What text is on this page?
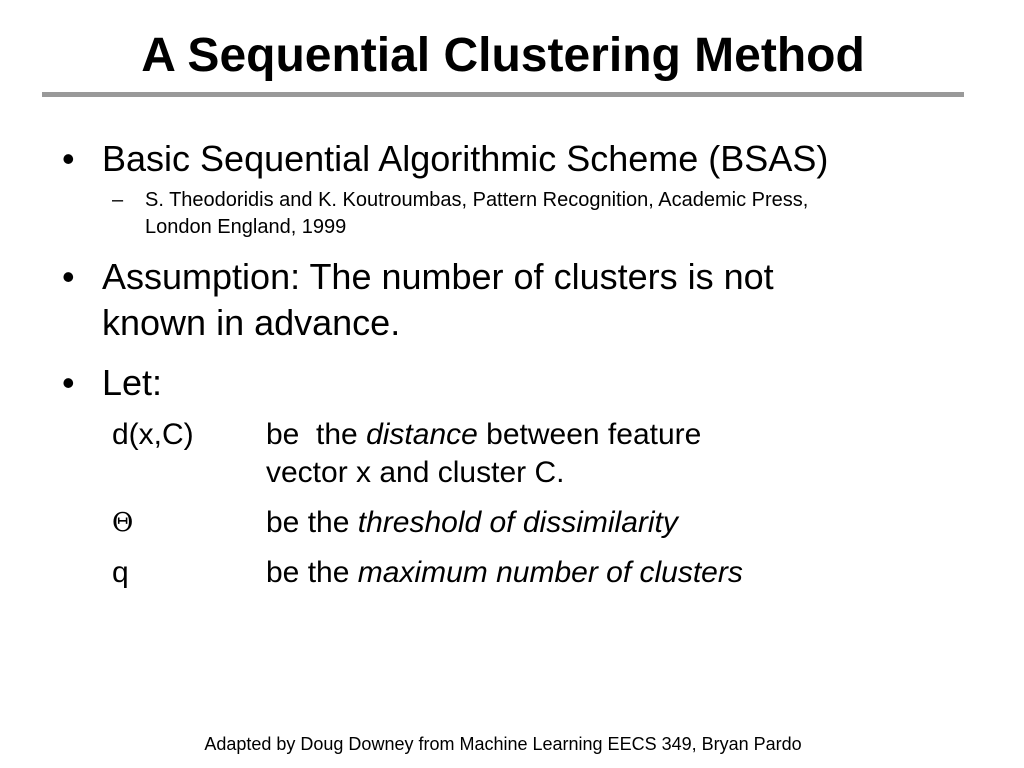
A Sequential Clustering Method
• Basic Sequential Algorithmic Scheme (BSAS)
– S. Theodoridis and K. Koutroumbas, Pattern Recognition, Academic Press,
London England, 1999
• Assumption: The number of clusters is not
known in advance.
• Let:
d(x,C) be  the distance between feature
vector x and cluster C.
Θ	be the threshold of dissimilarity
q	be the maximum number of clusters
Adapted by Doug Downey from Machine Learning EECS 349, Bryan Pardo
